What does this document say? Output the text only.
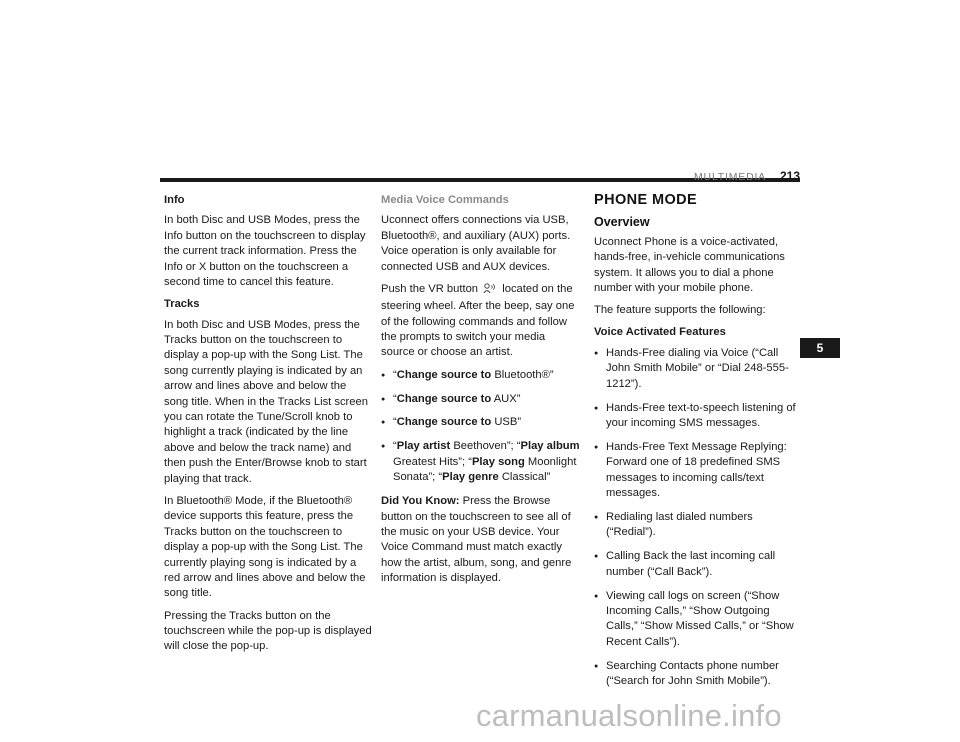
MULTIMEDIA	213

Info

In both Disc and USB Modes, press the Info button on the touchscreen to display the current track information. Press the Info or X button on the touchscreen a second time to cancel this feature.

Tracks

In both Disc and USB Modes, press the Tracks button on the touchscreen to display a pop-up with the Song List. The song currently playing is indicated by an arrow and lines above and below the song title. When in the Tracks List screen you can rotate the Tune/Scroll knob to highlight a track (indicated by the line above and below the track name) and then push the Enter/Browse knob to start playing that track.

In Bluetooth® Mode, if the Bluetooth® device supports this feature, press the Tracks button on the touchscreen to display a pop-up with the Song List. The currently playing song is indicated by a red arrow and lines above and below the song title.

Pressing the Tracks button on the touchscreen while the pop-up is displayed will close the pop-up.

Media Voice Commands

Uconnect offers connections via USB, Bluetooth®, and auxiliary (AUX) ports. Voice operation is only available for connected USB and AUX devices.

Push the VR button located on the steering wheel. After the beep, say one of the following commands and follow the prompts to switch your media source or choose an artist.

● “Change source to Bluetooth®”
● “Change source to AUX”
● “Change source to USB”
● “Play artist Beethoven”; “Play album Greatest Hits”; “Play song Moonlight Sonata”; “Play genre Classical”

Did You Know: Press the Browse button on the touchscreen to see all of the music on your USB device. Your Voice Command must match exactly how the artist, album, song, and genre information is displayed.

PHONE MODE

Overview

Uconnect Phone is a voice-activated, hands-free, in-vehicle communications system. It allows you to dial a phone number with your mobile phone.

The feature supports the following:

Voice Activated Features

● Hands-Free dialing via Voice (“Call John Smith Mobile” or “Dial 248-555-1212”).
● Hands-Free text-to-speech listening of your incoming SMS messages.
● Hands-Free Text Message Replying: Forward one of 18 predefined SMS messages to incoming calls/text messages.
● Redialing last dialed numbers (“Redial”).
● Calling Back the last incoming call number (“Call Back”).
● Viewing call logs on screen (“Show Incoming Calls,” “Show Outgoing Calls,” “Show Missed Calls,” or “Show Recent Calls”).
● Searching Contacts phone number (“Search for John Smith Mobile”).
5
carmanualsonline.info
